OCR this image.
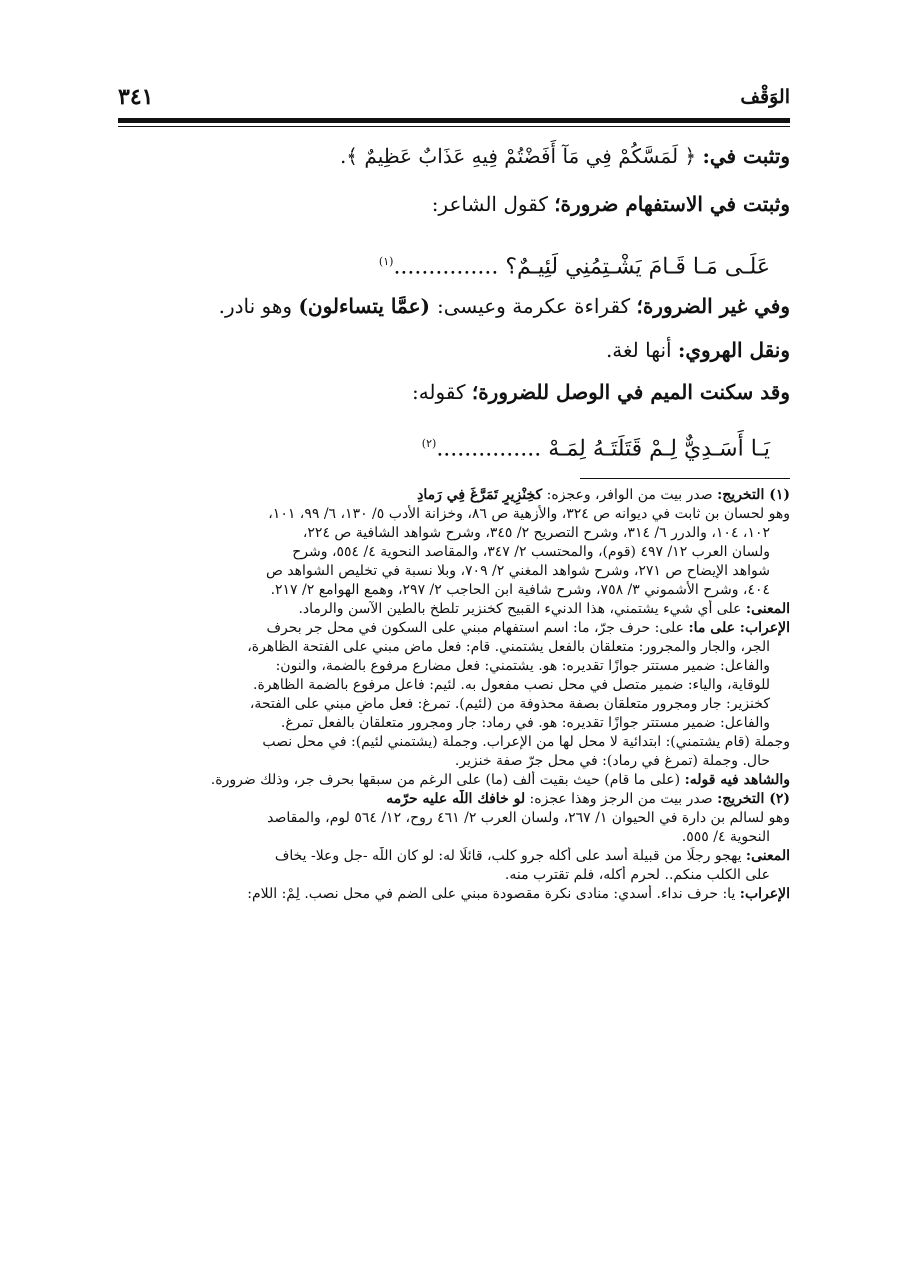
الوَقْف
٣٤١

وتثبت في: ﴿ لَمَسَّكُمْ فِي مَآ أَفَضْتُمْ فِيهِ عَذَابٌ عَظِيمٌ ﴾.

وثبتت في الاستفهام ضرورة؛ كقول الشاعر:

عَلَـى مَـا قَـامَ يَشْـتِمُنِي لَئِيـمٌ؟ ...............$^{(١)}$

وفي غير الضرورة؛ كقراءة عكرمة وعيسى: (عمَّا يتساءلون) وهو نادر.

ونقل الهروي: أنها لغة.

وقد سكنت الميم في الوصل للضرورة؛ كقوله:

يَـا أَسَـدِيٌّ لِـمْ قَتَلَتَـهُ لِمَـهْ ...............$^{(٢)}$

(١) التخريج: صدر بيت من الوافر، وعجزه: كخِنْزِيرٍ تَمَرَّغَ فِي رَمادِ

وهو لحسان بن ثابت في ديوانه ص ٣٢٤، والأزهية ص ٨٦، وخزانة الأدب ٥/ ١٣٠، ٦/ ٩٩، ١٠١،

١٠٢، ١٠٤، والدرر ٦/ ٣١٤، وشرح التصريح ٢/ ٣٤٥، وشرح شواهد الشافية ص ٢٢٤،

ولسان العرب ١٢/ ٤٩٧ (قوم)، والمحتسب ٢/ ٣٤٧، والمقاصد النحوية ٤/ ٥٥٤، وشرح

شواهد الإيضاح ص ٢٧١، وشرح شواهد المغني ٢/ ٧٠٩، وبلا نسبة في تخليص الشواهد ص

٤٠٤، وشرح الأشموني ٣/ ٧٥٨، وشرح شافية ابن الحاجب ٢/ ٢٩٧، وهمع الهوامع ٢/ ٢١٧.

المعنى: على أي شيء يشتمني، هذا الدنيء القبيح كخنزير تلطخ بالطين الآسن والرماد.

الإعراب: على ما: على: حرف جرّ، ما: اسم استفهام مبني على السكون في محل جر بحرف

الجر، والجار والمجرور: متعلقان بالفعل يشتمني. قام: فعل ماض مبني على الفتحة الظاهرة،

والفاعل: ضمير مستتر جوازًا تقديره: هو. يشتمني: فعل مضارع مرفوع بالضمة، والنون:

للوقاية، والياء: ضمير متصل في محل نصب مفعول به. لئيم: فاعل مرفوع بالضمة الظاهرة.

كخنزير: جار ومجرور متعلقان بصفة محذوفة من (لئيم). تمرغ: فعل ماضٍ مبني على الفتحة،

والفاعل: ضمير مستتر جوازًا تقديره: هو. في رماد: جار ومجرور متعلقان بالفعل تمرغ.

وجملة (قام يشتمني): ابتدائية لا محل لها من الإعراب. وجملة (يشتمني لئيم): في محل نصب

حال. وجملة (تمرغ في رماد): في محل جرّ صفة خنزير.

والشاهد فيه قوله: (على ما قام) حيث بقيت ألف (ما) على الرغم من سبقها بحرف جر، وذلك ضرورة.

(٢) التخريج: صدر بيت من الرجز وهذا عجزه: لو خافك اللّٰه عليه حرّمه

وهو لسالم بن دارة في الحيوان ١/ ٢٦٧، ولسان العرب ٢/ ٤٦١ روح، ١٢/ ٥٦٤ لوم، والمقاصد

النحوية ٤/ ٥٥٥.

المعنى: يهجو رجلًا من قبيلة أسد على أكله جرو كلب، قائلًا له: لو كان اللّٰه -جل وعلا- يخاف

على الكلب منكم.. لحرم أكله، فلم تقترب منه.

الإعراب: يا: حرف نداء. أسدي: منادى نكرة مقصودة مبني على الضم في محل نصب. لِمْ: اللام:
